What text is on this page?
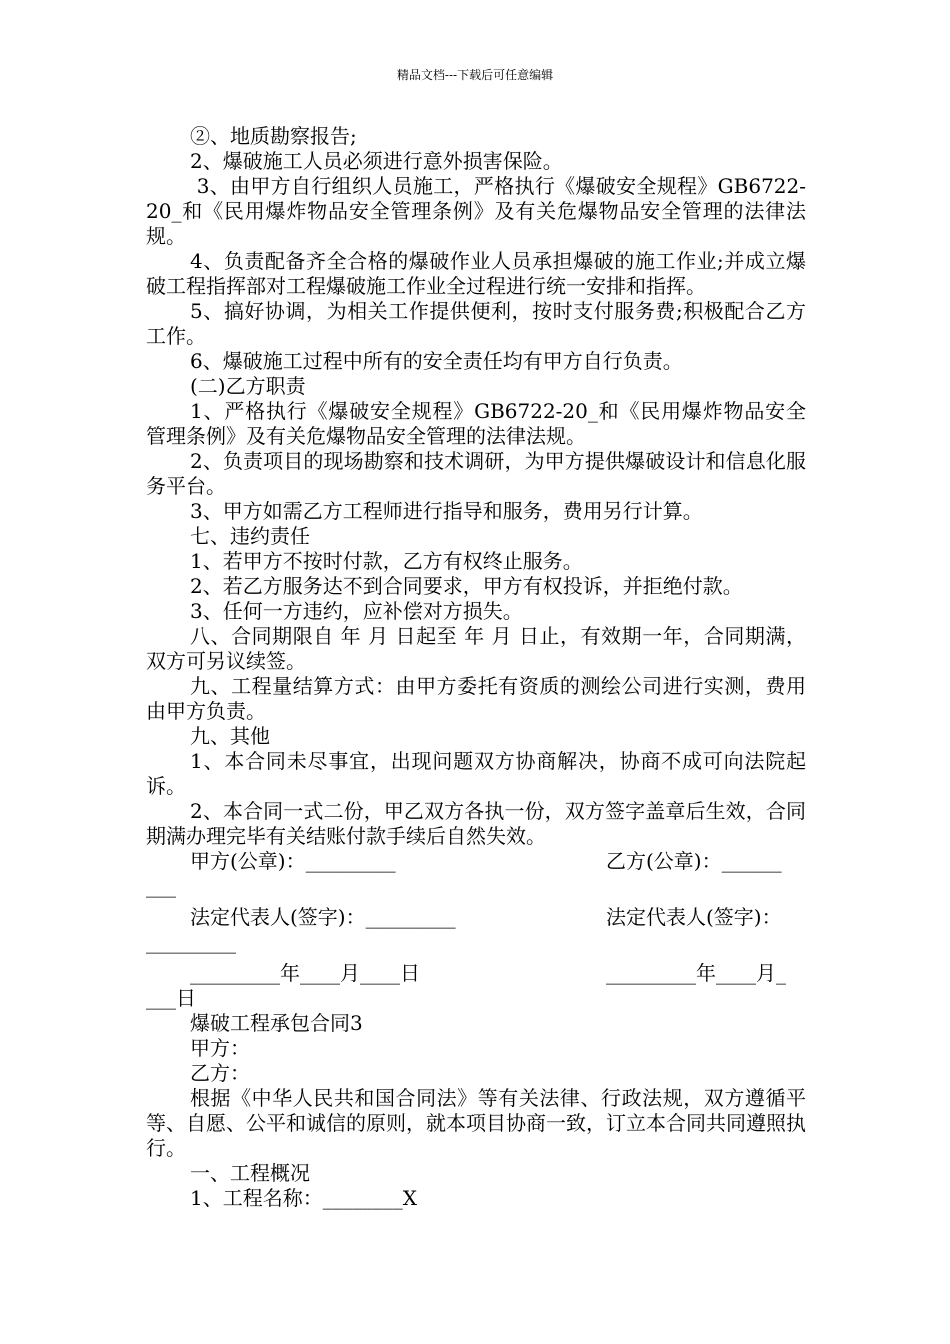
精品文档---下载后可任意编辑

②、地质勘察报告;

2、爆破施工人员必须进行意外损害保险。

3、由甲方自行组织人员施工，严格执行《爆破安全规程》GB6722-20_和《民用爆炸物品安全管理条例》及有关危爆物品安全管理的法律法规。

4、负责配备齐全合格的爆破作业人员承担爆破的施工作业;并成立爆破工程指挥部对工程爆破施工作业全过程进行统一安排和指挥。

5、搞好协调，为相关工作提供便利，按时支付服务费;积极配合乙方工作。

6、爆破施工过程中所有的安全责任均有甲方自行负责。

(二)乙方职责

1、严格执行《爆破安全规程》GB6722-20_和《民用爆炸物品安全管理条例》及有关危爆物品安全管理的法律法规。

2、负责项目的现场勘察和技术调研，为甲方提供爆破设计和信息化服务平台。

3、甲方如需乙方工程师进行指导和服务，费用另行计算。

七、违约责任

1、若甲方不按时付款，乙方有权终止服务。

2、若乙方服务达不到合同要求，甲方有权投诉，并拒绝付款。

3、任何一方违约，应补偿对方损失。

八、合同期限自 年 月 日起至 年 月 日止，有效期一年，合同期满，双方可另议续签。

九、工程量结算方式：由甲方委托有资质的测绘公司进行实测，费用由甲方负责。

九、其他

1、本合同未尽事宜，出现问题双方协商解决，协商不成可向法院起诉。

2、本合同一式二份，甲乙双方各执一份，双方签字盖章后生效，合同期满办理完毕有关结账付款手续后自然失效。

甲方(公章)：_________	乙方(公章)：______
___
法定代表人(签字)：_________	法定代表人(签字)：
_________
_________年____月____日	_________年____月_
___日

爆破工程承包合同3

甲方：

乙方：

根据《中华人民共和国合同法》等有关法律、行政法规，双方遵循平等、自愿、公平和诚信的原则，就本项目协商一致，订立本合同共同遵照执行。

一、工程概况

1、工程名称：________X
